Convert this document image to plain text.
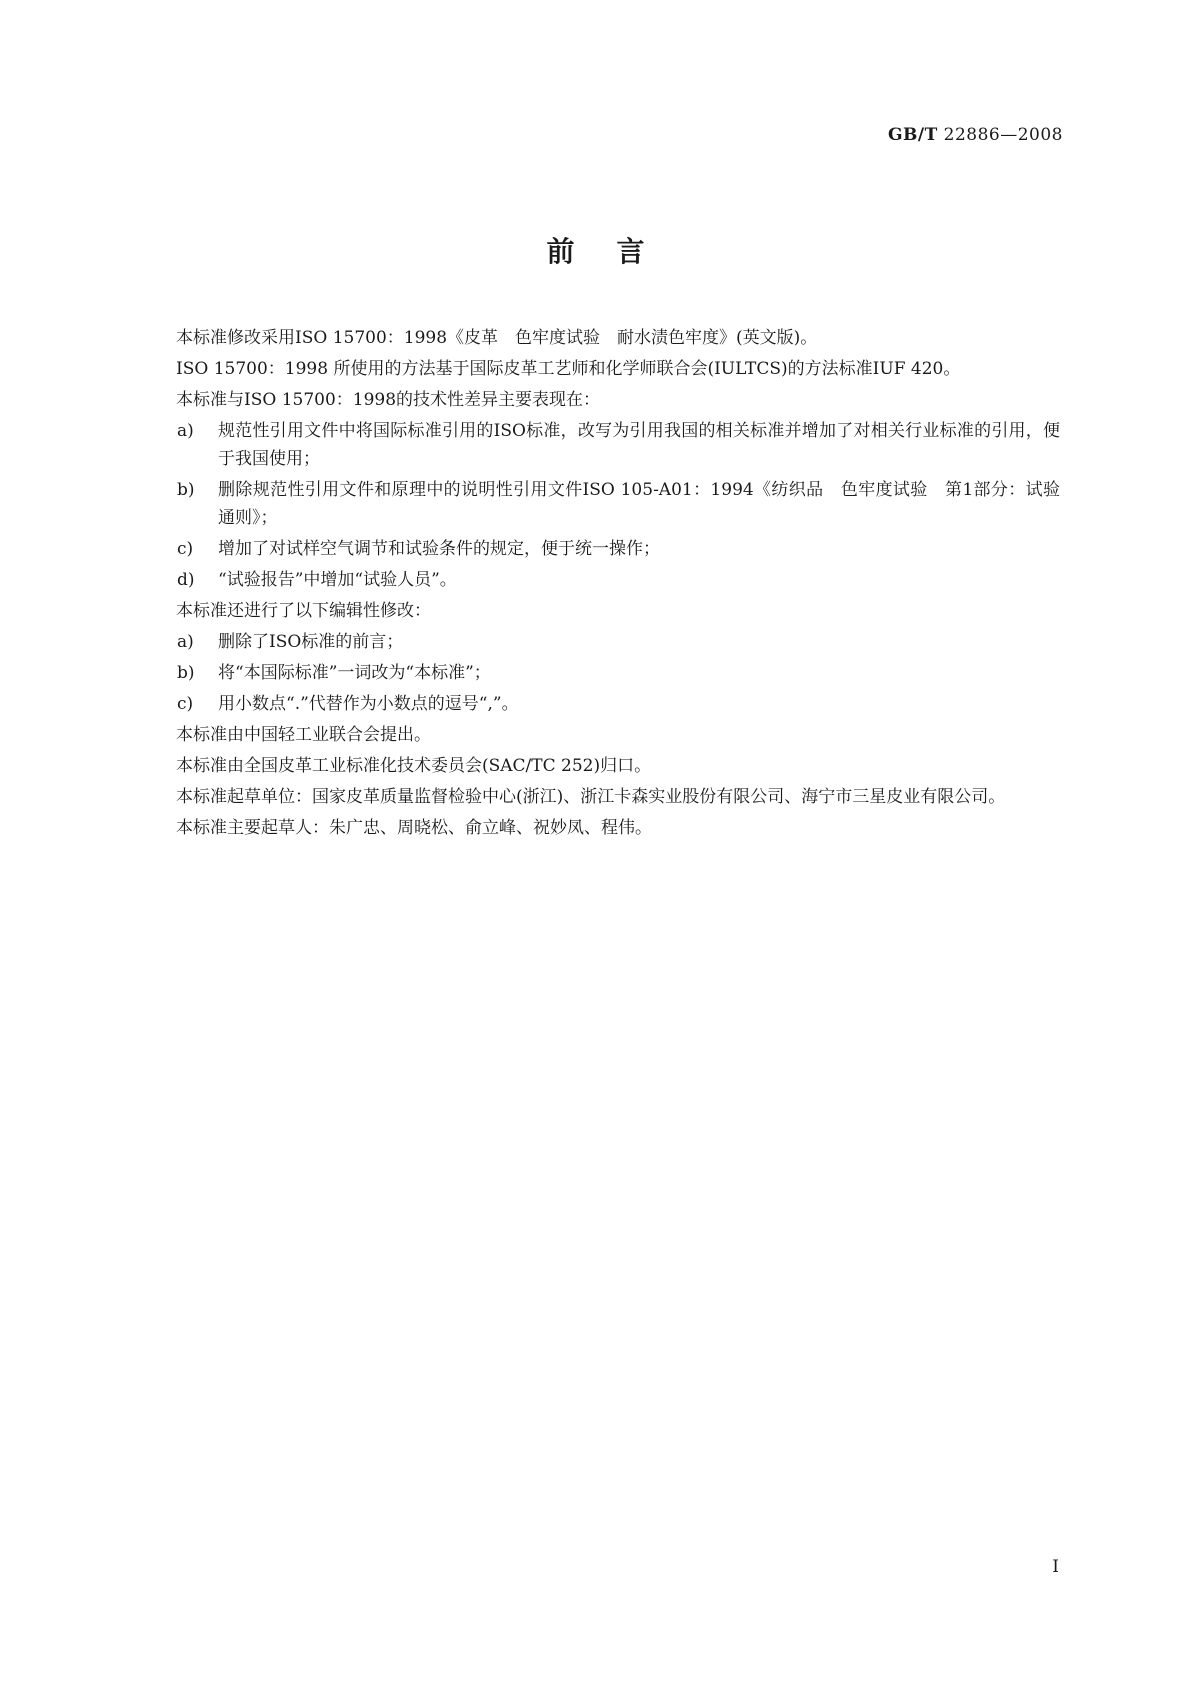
GB/T 22886—2008
前言
本标准修改采用ISO 15700：1998《皮革　色牢度试验　耐水渍色牢度》(英文版)。
ISO 15700：1998 所使用的方法基于国际皮革工艺师和化学师联合会(IULTCS)的方法标准IUF 420。
本标准与ISO 15700：1998的技术性差异主要表现在：
a) 规范性引用文件中将国际标准引用的ISO标准，改写为引用我国的相关标准并增加了对相关行业标准的引用，便于我国使用；
b) 删除规范性引用文件和原理中的说明性引用文件ISO 105-A01：1994《纺织品　色牢度试验　第1部分：试验通则》；
c) 增加了对试样空气调节和试验条件的规定，便于统一操作；
d) “试验报告”中增加“试验人员”。
本标准还进行了以下编辑性修改：
a) 删除了ISO标准的前言；
b) 将“本国际标准”一词改为“本标准”；
c) 用小数点“.”代替作为小数点的逗号“,”。
本标准由中国轻工业联合会提出。
本标准由全国皮革工业标准化技术委员会(SAC/TC 252)归口。
本标准起草单位：国家皮革质量监督检验中心(浙江)、浙江卡森实业股份有限公司、海宁市三星皮业有限公司。
本标准主要起草人：朱广忠、周晓松、俞立峰、祝妙凤、程伟。
I
